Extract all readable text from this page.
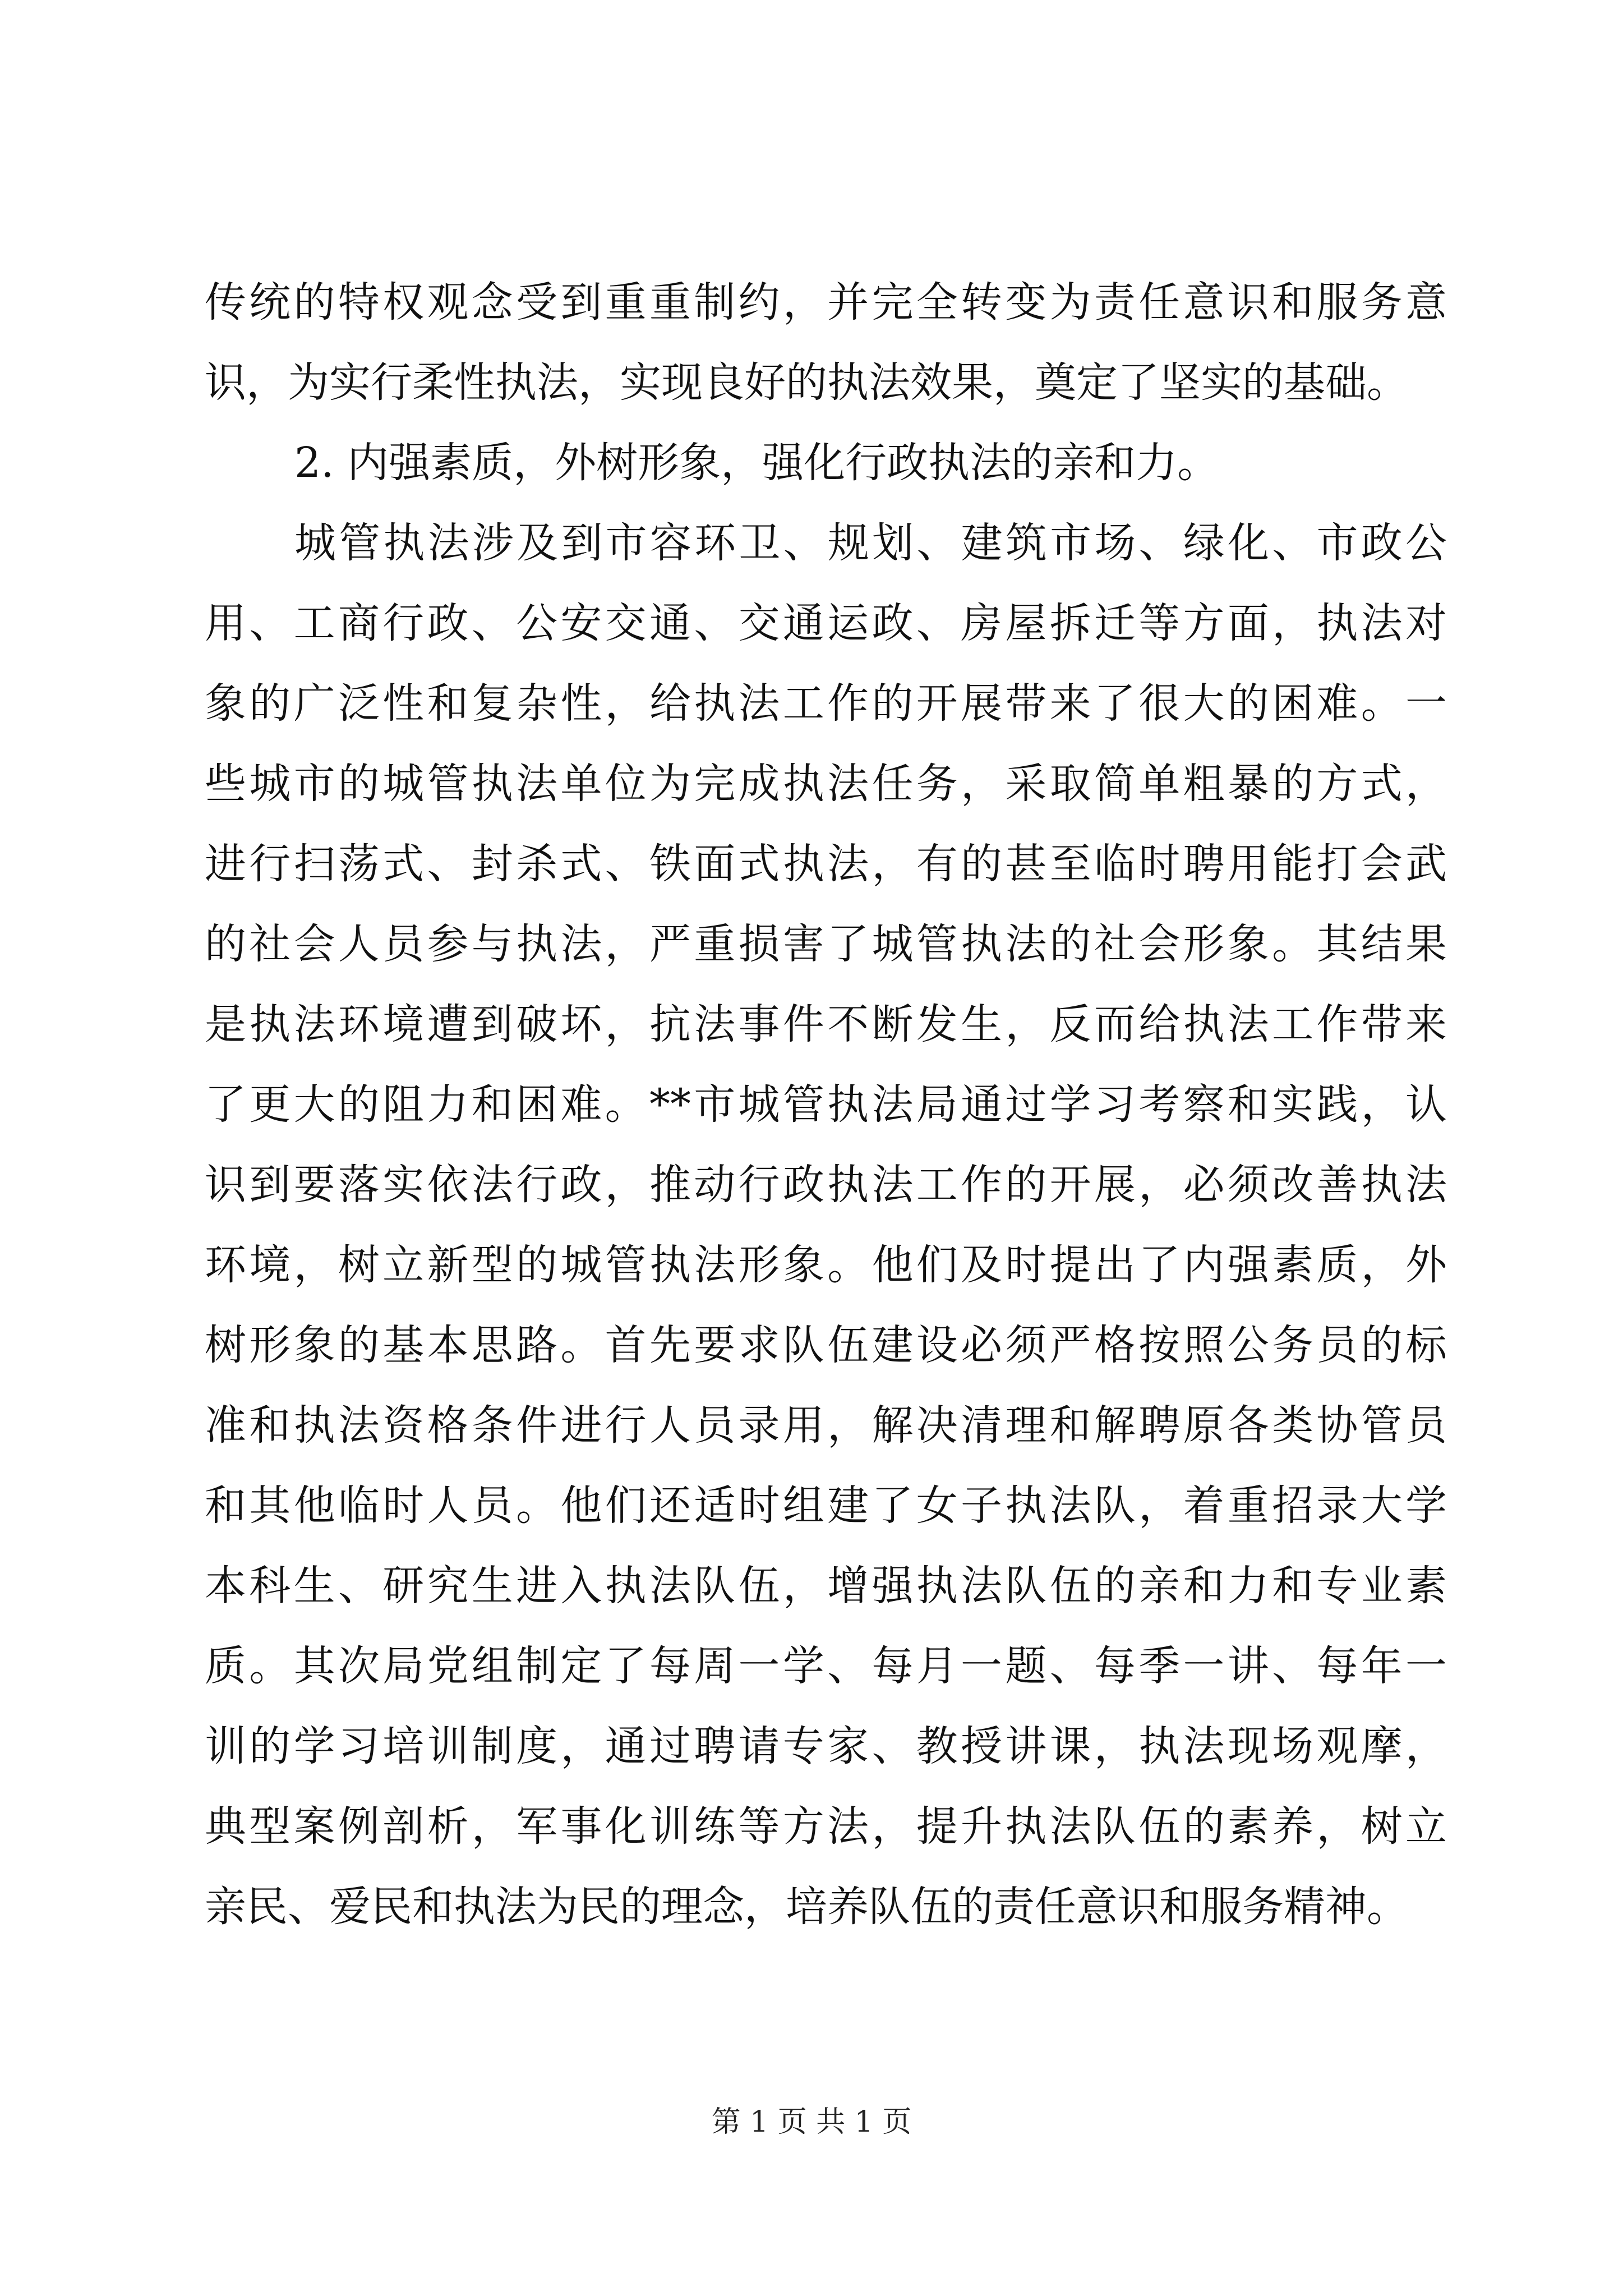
传统的特权观念受到重重制约，并完全转变为责任意识和服务意
识，为实行柔性执法，实现良好的执法效果，奠定了坚实的基础。
2. 内强素质，外树形象，强化行政执法的亲和力。
城管执法涉及到市容环卫、规划、建筑市场、绿化、市政公
用、工商行政、公安交通、交通运政、房屋拆迁等方面，执法对
象的广泛性和复杂性，给执法工作的开展带来了很大的困难。一
些城市的城管执法单位为完成执法任务，采取简单粗暴的方式，
进行扫荡式、封杀式、铁面式执法，有的甚至临时聘用能打会武
的社会人员参与执法，严重损害了城管执法的社会形象。其结果
是执法环境遭到破坏，抗法事件不断发生，反而给执法工作带来
了更大的阻力和困难。**市城管执法局通过学习考察和实践，认
识到要落实依法行政，推动行政执法工作的开展，必须改善执法
环境，树立新型的城管执法形象。他们及时提出了内强素质，外
树形象的基本思路。首先要求队伍建设必须严格按照公务员的标
准和执法资格条件进行人员录用，解决清理和解聘原各类协管员
和其他临时人员。他们还适时组建了女子执法队，着重招录大学
本科生、研究生进入执法队伍，增强执法队伍的亲和力和专业素
质。其次局党组制定了每周一学、每月一题、每季一讲、每年一
训的学习培训制度，通过聘请专家、教授讲课，执法现场观摩，
典型案例剖析，军事化训练等方法，提升执法队伍的素养，树立
亲民、爱民和执法为民的理念，培养队伍的责任意识和服务精神。
第 1 页 共 1 页
